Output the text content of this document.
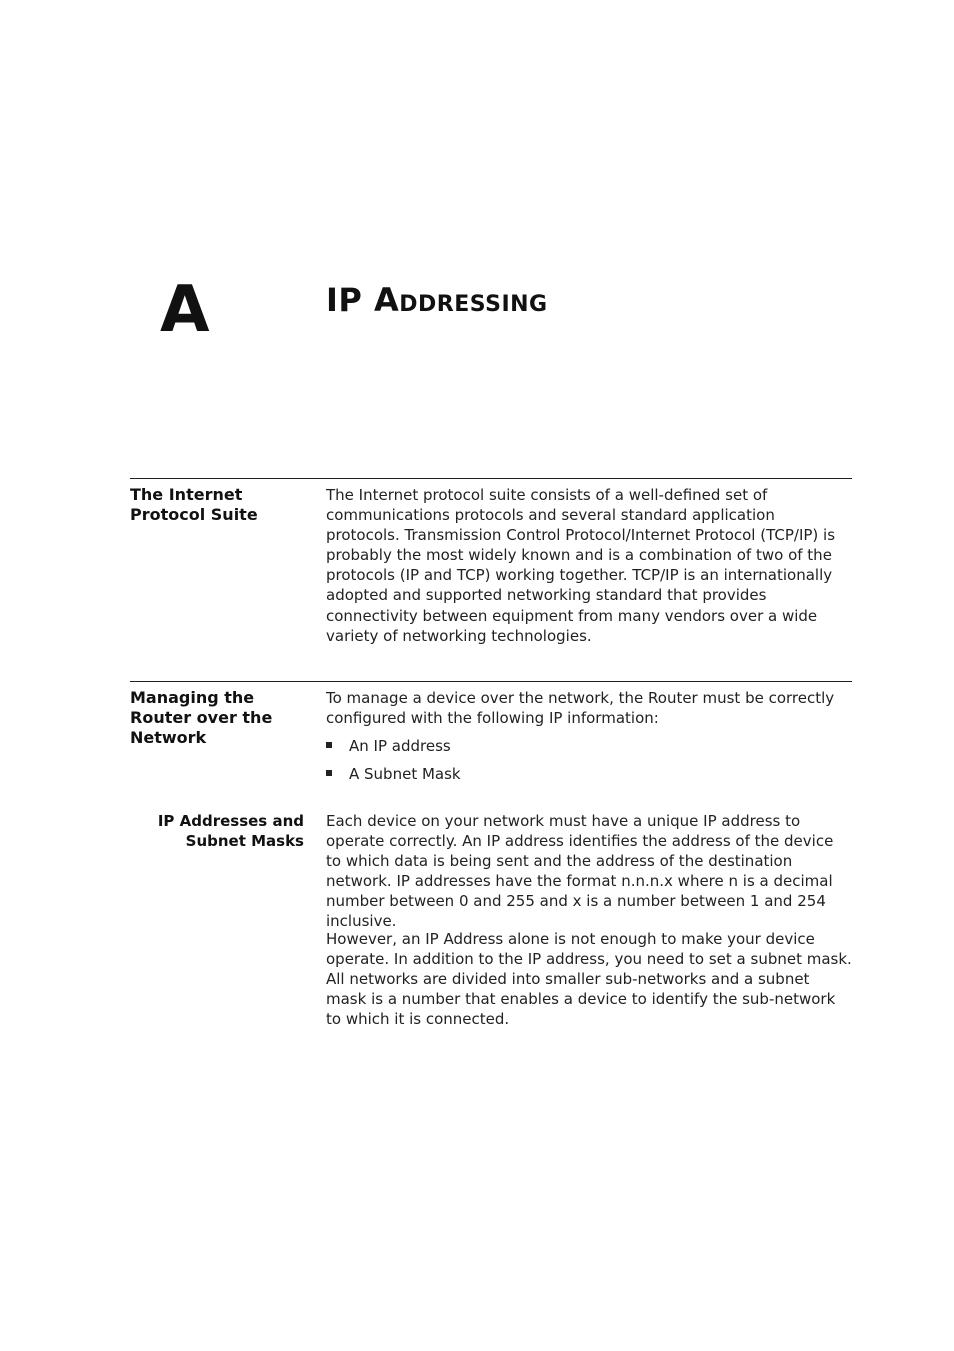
A	IP Addressing
The Internet
Protocol Suite

The Internet protocol suite consists of a well-defined set of communications protocols and several standard application protocols. Transmission Control Protocol/Internet Protocol (TCP/IP) is probably the most widely known and is a combination of two of the protocols (IP and TCP) working together. TCP/IP is an internationally adopted and supported networking standard that provides connectivity between equipment from many vendors over a wide variety of networking technologies.

Managing the
Router over the
Network

To manage a device over the network, the Router must be correctly configured with the following IP information:

An IP address
A Subnet Mask
IP Addresses and
Subnet Masks

Each device on your network must have a unique IP address to operate correctly. An IP address identifies the address of the device to which data is being sent and the address of the destination network. IP addresses have the format n.n.n.x where n is a decimal number between 0 and 255 and x is a number between 1 and 254 inclusive.

However, an IP Address alone is not enough to make your device operate. In addition to the IP address, you need to set a subnet mask. All networks are divided into smaller sub-networks and a subnet mask is a number that enables a device to identify the sub-network to which it is connected.
